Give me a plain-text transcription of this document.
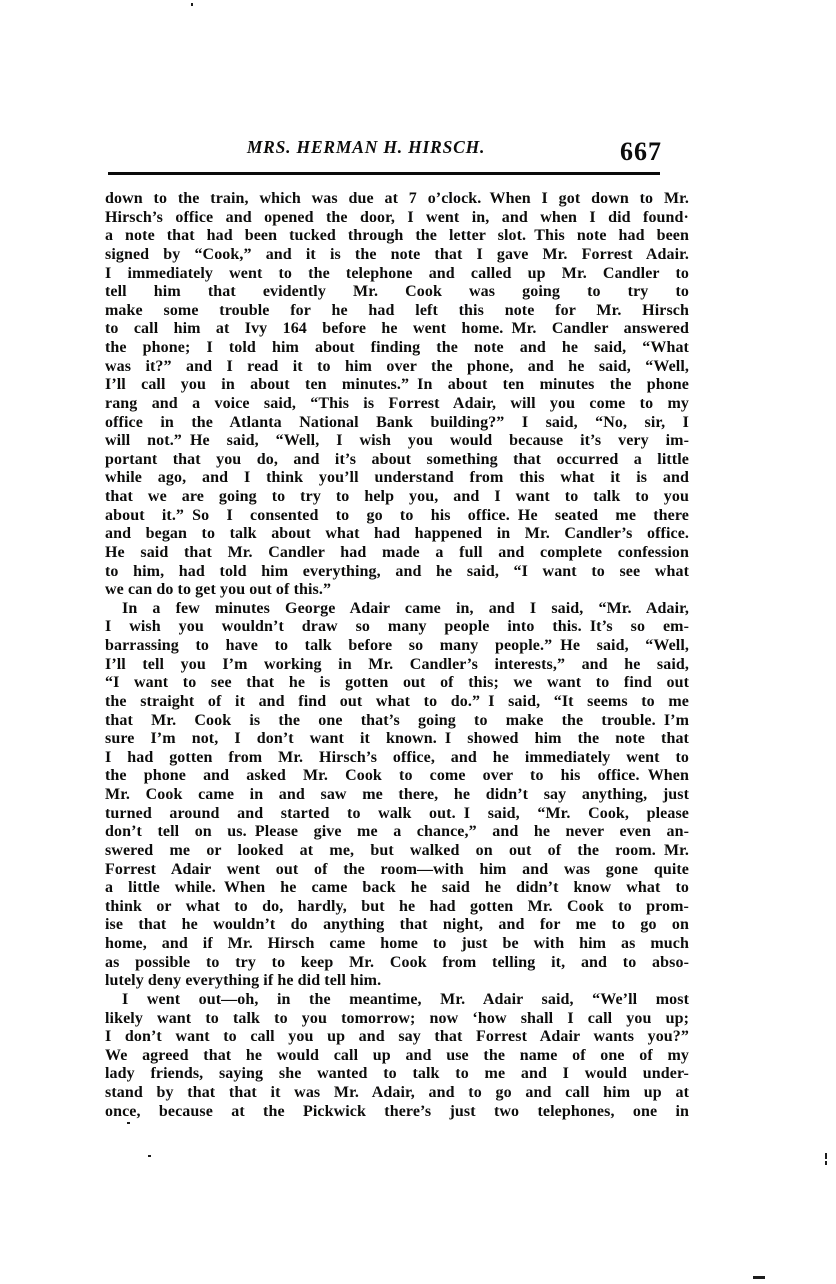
MRS. HERMAN H. HIRSCH.	667
down to the train, which was due at 7 o’clock. When I got down to Mr.
Hirsch’s office and opened the door, I went in, and when I did found·
a note that had been tucked through the letter slot. This note had been
signed by “Cook,” and it is the note that I gave Mr. Forrest Adair.
I immediately went to the telephone and called up Mr. Candler to
tell him that evidently Mr. Cook was going to try to
make some trouble for he had left this note for Mr. Hirsch
to call him at Ivy 164 before he went home. Mr. Candler answered
the phone; I told him about finding the note and he said, “What
was it?” and I read it to him over the phone, and he said, “Well,
I’ll call you in about ten minutes.” In about ten minutes the phone
rang and a voice said, “This is Forrest Adair, will you come to my
office in the Atlanta National Bank building?” I said, “No, sir, I
will not.” He said, “Well, I wish you would because it’s very im-
portant that you do, and it’s about something that occurred a little
while ago, and I think you’ll understand from this what it is and
that we are going to try to help you, and I want to talk to you
about it.” So I consented to go to his office. He seated me there
and began to talk about what had happened in Mr. Candler’s office.
He said that Mr. Candler had made a full and complete confession
to him, had told him everything, and he said, “I want to see what
we can do to get you out of this.”
In a few minutes George Adair came in, and I said, “Mr. Adair,
I wish you wouldn’t draw so many people into this. It’s so em-
barrassing to have to talk before so many people.” He said, “Well,
I’ll tell you I’m working in Mr. Candler’s interests,” and he said,
“I want to see that he is gotten out of this; we want to find out
the straight of it and find out what to do.” I said, “It seems to me
that Mr. Cook is the one that’s going to make the trouble. I’m
sure I’m not, I don’t want it known. I showed him the note that
I had gotten from Mr. Hirsch’s office, and he immediately went to
the phone and asked Mr. Cook to come over to his office. When
Mr. Cook came in and saw me there, he didn’t say anything, just
turned around and started to walk out. I said, “Mr. Cook, please
don’t tell on us. Please give me a chance,” and he never even an-
swered me or looked at me, but walked on out of the room. Mr.
Forrest Adair went out of the room—with him and was gone quite
a little while. When he came back he said he didn’t know what to
think or what to do, hardly, but he had gotten Mr. Cook to prom-
ise that he wouldn’t do anything that night, and for me to go on
home, and if Mr. Hirsch came home to just be with him as much
as possible to try to keep Mr. Cook from telling it, and to abso-
lutely deny everything if he did tell him.
I went out—oh, in the meantime, Mr. Adair said, “We’ll most
likely want to talk to you tomorrow; now ‘how shall I call you up;
I don’t want to call you up and say that Forrest Adair wants you?”
We agreed that he would call up and use the name of one of my
lady friends, saying she wanted to talk to me and I would under-
stand by that that it was Mr. Adair, and to go and call him up at
once, because at the Pickwick there’s just two telephones, one in
